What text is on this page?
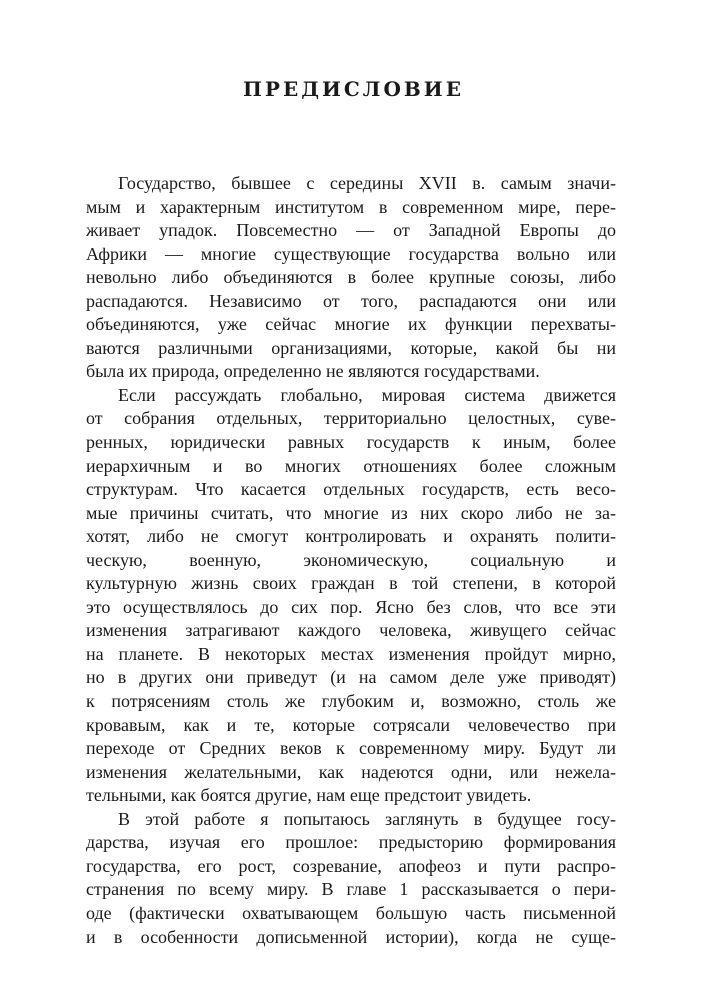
ПРЕДИСЛОВИЕ
Государство, бывшее с середины XVII в. самым значи-
мым и характерным институтом в современном мире, пере-
живает упадок. Повсеместно — от Западной Европы до
Африки — многие существующие государства вольно или
невольно либо объединяются в более крупные союзы, либо
распадаются. Независимо от того, распадаются они или
объединяются, уже сейчас многие их функции перехваты-
ваются различными организациями, которые, какой бы ни
была их природа, определенно не являются государствами.
Если рассуждать глобально, мировая система движется
от собрания отдельных, территориально целостных, суве-
ренных, юридически равных государств к иным, более
иерархичным и во многих отношениях более сложным
структурам. Что касается отдельных государств, есть весо-
мые причины считать, что многие из них скоро либо не за-
хотят, либо не смогут контролировать и охранять полити-
ческую, военную, экономическую, социальную и
культурную жизнь своих граждан в той степени, в которой
это осуществлялось до сих пор. Ясно без слов, что все эти
изменения затрагивают каждого человека, живущего сейчас
на планете. В некоторых местах изменения пройдут мирно,
но в других они приведут (и на самом деле уже приводят)
к потрясениям столь же глубоким и, возможно, столь же
кровавым, как и те, которые сотрясали человечество при
переходе от Средних веков к современному миру. Будут ли
изменения желательными, как надеются одни, или нежела-
тельными, как боятся другие, нам еще предстоит увидеть.
В этой работе я попытаюсь заглянуть в будущее госу-
дарства, изучая его прошлое: предысторию формирования
государства, его рост, созревание, апофеоз и пути распро-
странения по всему миру. В главе 1 рассказывается о пери-
оде (фактически охватывающем большую часть письменной
и в особенности дописьменной истории), когда не суще-
